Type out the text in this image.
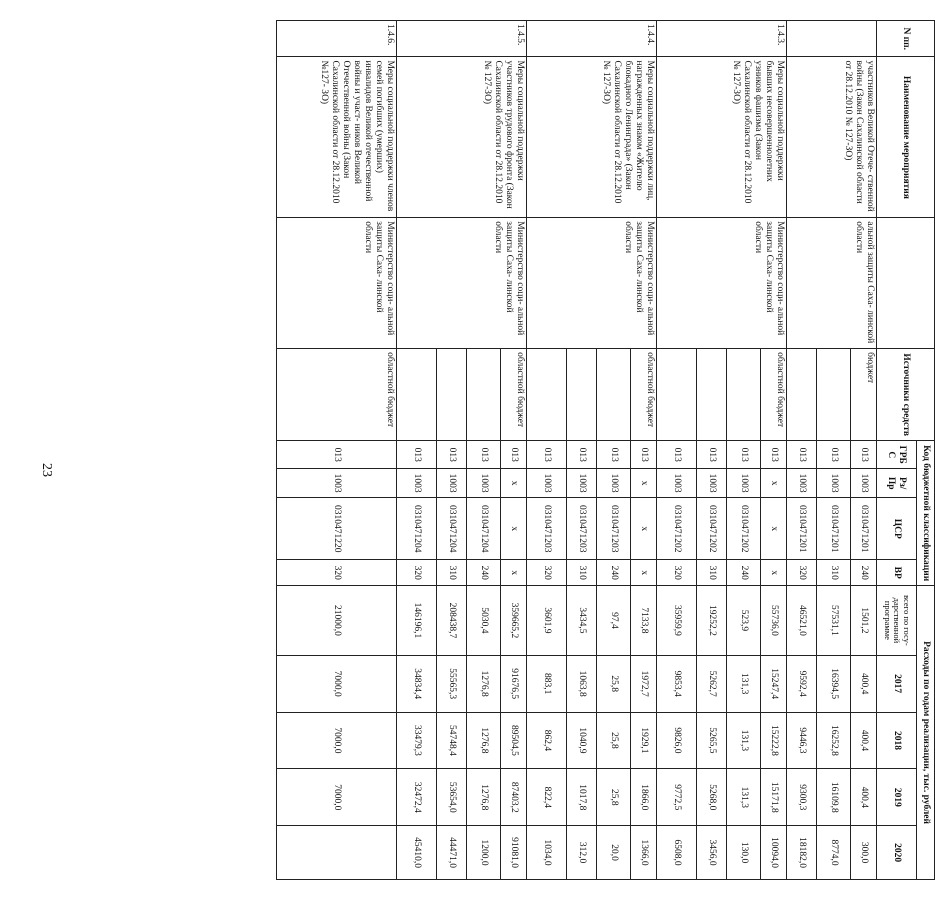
23
N пп.	Наименование мероприятия		Источники средств	Код бюджетной классификации				Расходы по годам реализации, тыс. рублей				
				ГРБ С	Рз/ Пр	ЦСР	ВР	всего по госу- дарственной программе	2017	2018	2019	2020
	участников Великой Отече- ственной войны (Закон Сахалинской области от 28.12.2010 № 127-ЗО)	альной защиты Саха- линской области	бюджет	013	1003	0310471201	240	1501,2	400,4	400,4	400,4	300,0
				013	1003	0310471201	310	57531,1	16394,5	16252,8	16109,8	8774,0
				013	1003	0310471201	320	46521,0	9592,4	9446,3	9300,3	18182,0
1.4.3.	Меры социальной поддержки бывших несовершеннолетних узников фашизма (Закон Сахалинской области от 28.12.2010 № 127-ЗО)	Министерство соци- альной защиты Саха- линской области	областной бюджет	013	x	x	x	55736,0	15247,4	15222,8	15171,8	10094,0
				013	1003	0310471202	240	523,9	131,3	131,3	131,3	130,0
				013	1003	0310471202	310	19252,2	5262,7	5265,5	5268,0	3456,0
				013	1003	0310471202	320	35959,9	9853,4	9826,0	9772,5	6508,0
1.4.4.	Меры социальной поддержки лиц, награжденных знаком «Жителю блокадного Ленинграда» (Закон Сахалинской области от 28.12.2010 № 127-ЗО)	Министерство соци- альной защиты Саха- линской области	областной бюджет	013	x	x	x	7133,8	1972,7	1929,1	1866,0	1366,0
				013	1003	0310471203	240	97,4	25,8	25,8	25,8	20,0
				013	1003	0310471203	310	3434,5	1063,8	1040,9	1017,8	312,0
				013	1003	0310471203	320	3601,9	883,1	862,4	822,4	1034,0
1.4.5.	Меры социальной поддержки участников трудового фронта (Закон Сахалинской области от 28.12.2010 № 127-ЗО)	Министерство соци- альной защиты Саха- линской области	областной бюджет	013	x	x	x	359665,2	91676,5	89504,5	87403,2	91081,0
				013	1003	0310471204	240	5030,4	1276,8	1276,8	1276,8	1200,0
				013	1003	0310471204	310	208438,7	55565,3	54748,4	53654,0	44471,0
				013	1003	0310471204	320	146196,1	34834,4	33479,3	32472,4	45410,0
1.4.6.	Меры социальной поддержки членов семей погибших (умерших) инвалидов Великой отечественной войны и участ- ников Великой Отечественной войны (Закон Сахалинской области от 28.12.2010 №127- ЗО)	Министерство соци- альной защиты Саха- линской области	областной бюджет	013	1003	0310471220	320	21000,0	7000,0	7000,0	7000,0	
